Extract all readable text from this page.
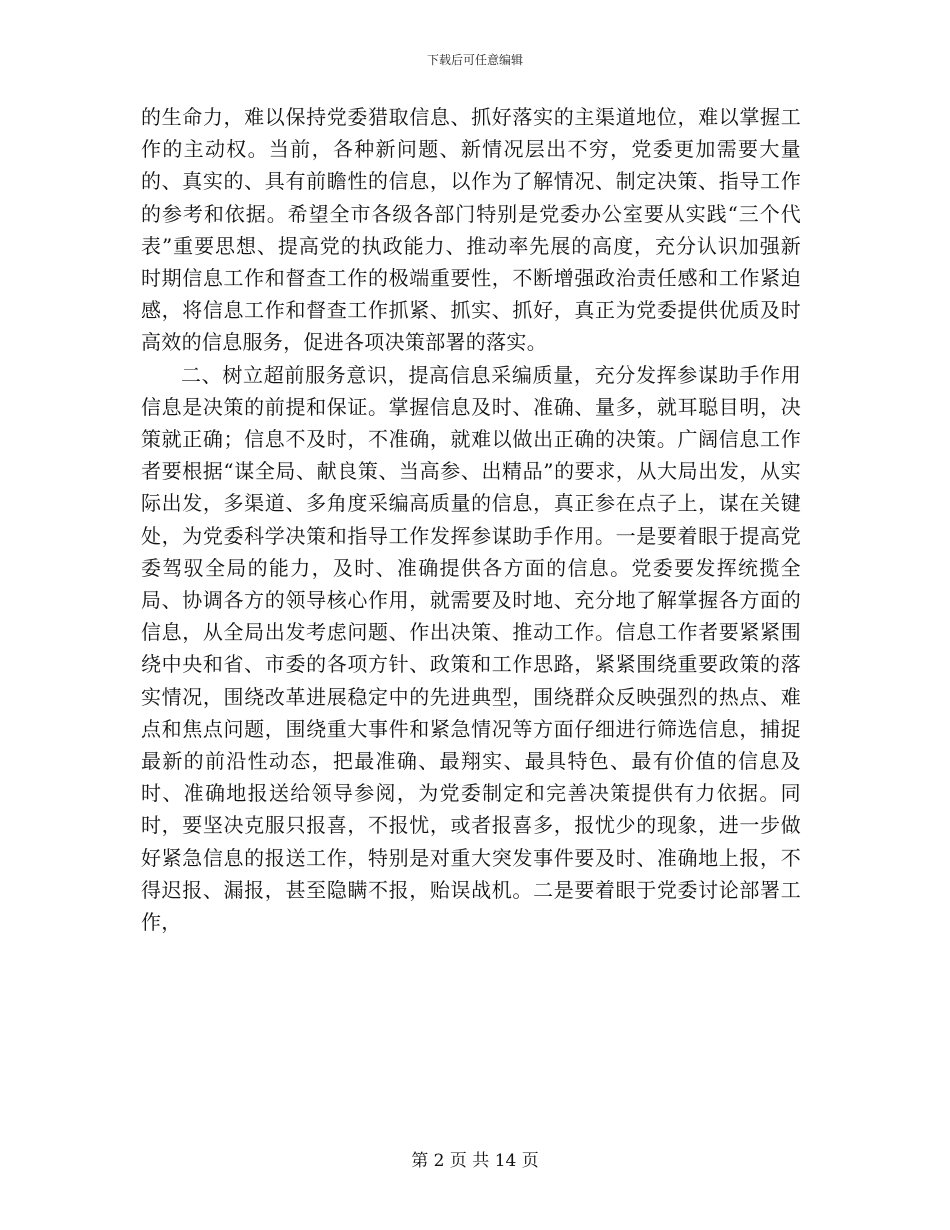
下载后可任意编辑

的生命力，难以保持党委猎取信息、抓好落实的主渠道地位，难以掌握工作的主动权。当前，各种新问题、新情况层出不穷，党委更加需要大量的、真实的、具有前瞻性的信息，以作为了解情况、制定决策、指导工作的参考和依据。希望全市各级各部门特别是党委办公室要从实践“三个代表”重要思想、提高党的执政能力、推动率先展的高度，充分认识加强新时期信息工作和督查工作的极端重要性，不断增强政治责任感和工作紧迫感，将信息工作和督查工作抓紧、抓实、抓好，真正为党委提供优质及时高效的信息服务，促进各项决策部署的落实。

二、树立超前服务意识，提高信息采编质量，充分发挥参谋助手作用信息是决策的前提和保证。掌握信息及时、准确、量多，就耳聪目明，决策就正确；信息不及时，不准确，就难以做出正确的决策。广阔信息工作者要根据“谋全局、献良策、当高参、出精品”的要求，从大局出发，从实际出发，多渠道、多角度采编高质量的信息，真正参在点子上，谋在关键处，为党委科学决策和指导工作发挥参谋助手作用。一是要着眼于提高党委驾驭全局的能力，及时、准确提供各方面的信息。党委要发挥统揽全局、协调各方的领导核心作用，就需要及时地、充分地了解掌握各方面的信息，从全局出发考虑问题、作出决策、推动工作。信息工作者要紧紧围绕中央和省、市委的各项方针、政策和工作思路，紧紧围绕重要政策的落实情况，围绕改革进展稳定中的先进典型，围绕群众反映强烈的热点、难点和焦点问题，围绕重大事件和紧急情况等方面仔细进行筛选信息，捕捉最新的前沿性动态，把最准确、最翔实、最具特色、最有价值的信息及时、准确地报送给领导参阅，为党委制定和完善决策提供有力依据。同时，要坚决克服只报喜，不报忧，或者报喜多，报忧少的现象，进一步做好紧急信息的报送工作，特别是对重大突发事件要及时、准确地上报，不得迟报、漏报，甚至隐瞒不报，贻误战机。二是要着眼于党委讨论部署工作，

第 2 页 共 14 页
